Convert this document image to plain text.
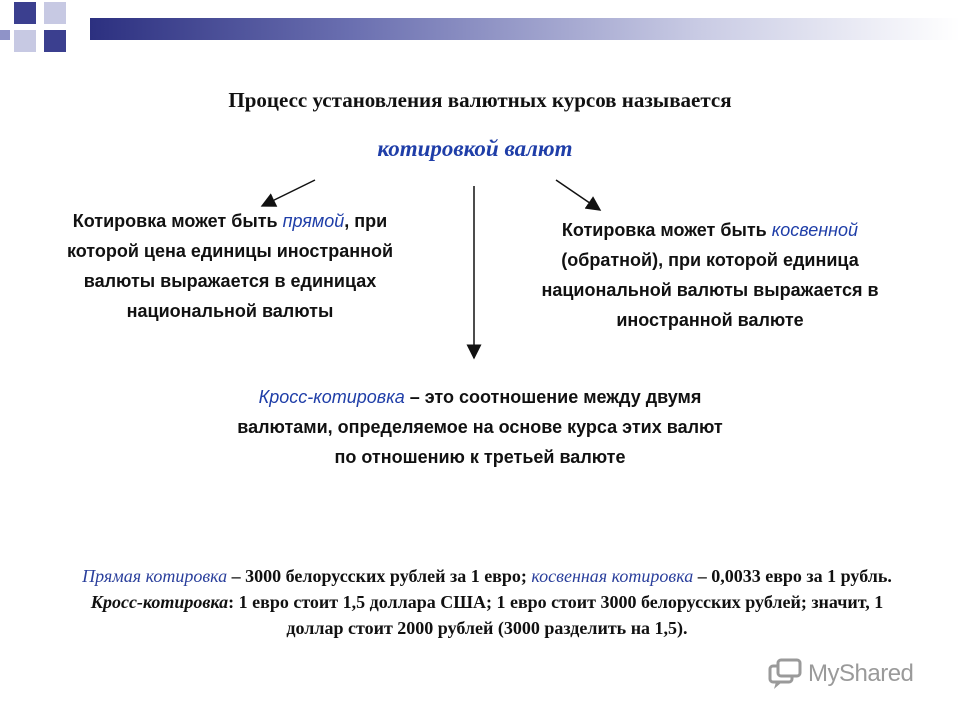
Процесс установления валютных курсов называется
котировкой валют
Котировка может быть прямой, при которой цена единицы иностранной валюты выражается в единицах национальной валюты
Котировка может быть косвенной (обратной), при которой единица национальной валюты выражается в иностранной валюте
Кросс-котировка – это соотношение между двумя валютами, определяемое на основе курса этих валют по отношению к третьей валюте
Прямая котировка – 3000 белорусских рублей за 1 евро; косвенная котировка – 0,0033 евро за 1 рубль. Кросс-котировка: 1 евро стоит 1,5 доллара США; 1 евро стоит 3000 белорусских рублей; значит, 1 доллар стоит 2000 рублей (3000 разделить на 1,5).
MyShared
